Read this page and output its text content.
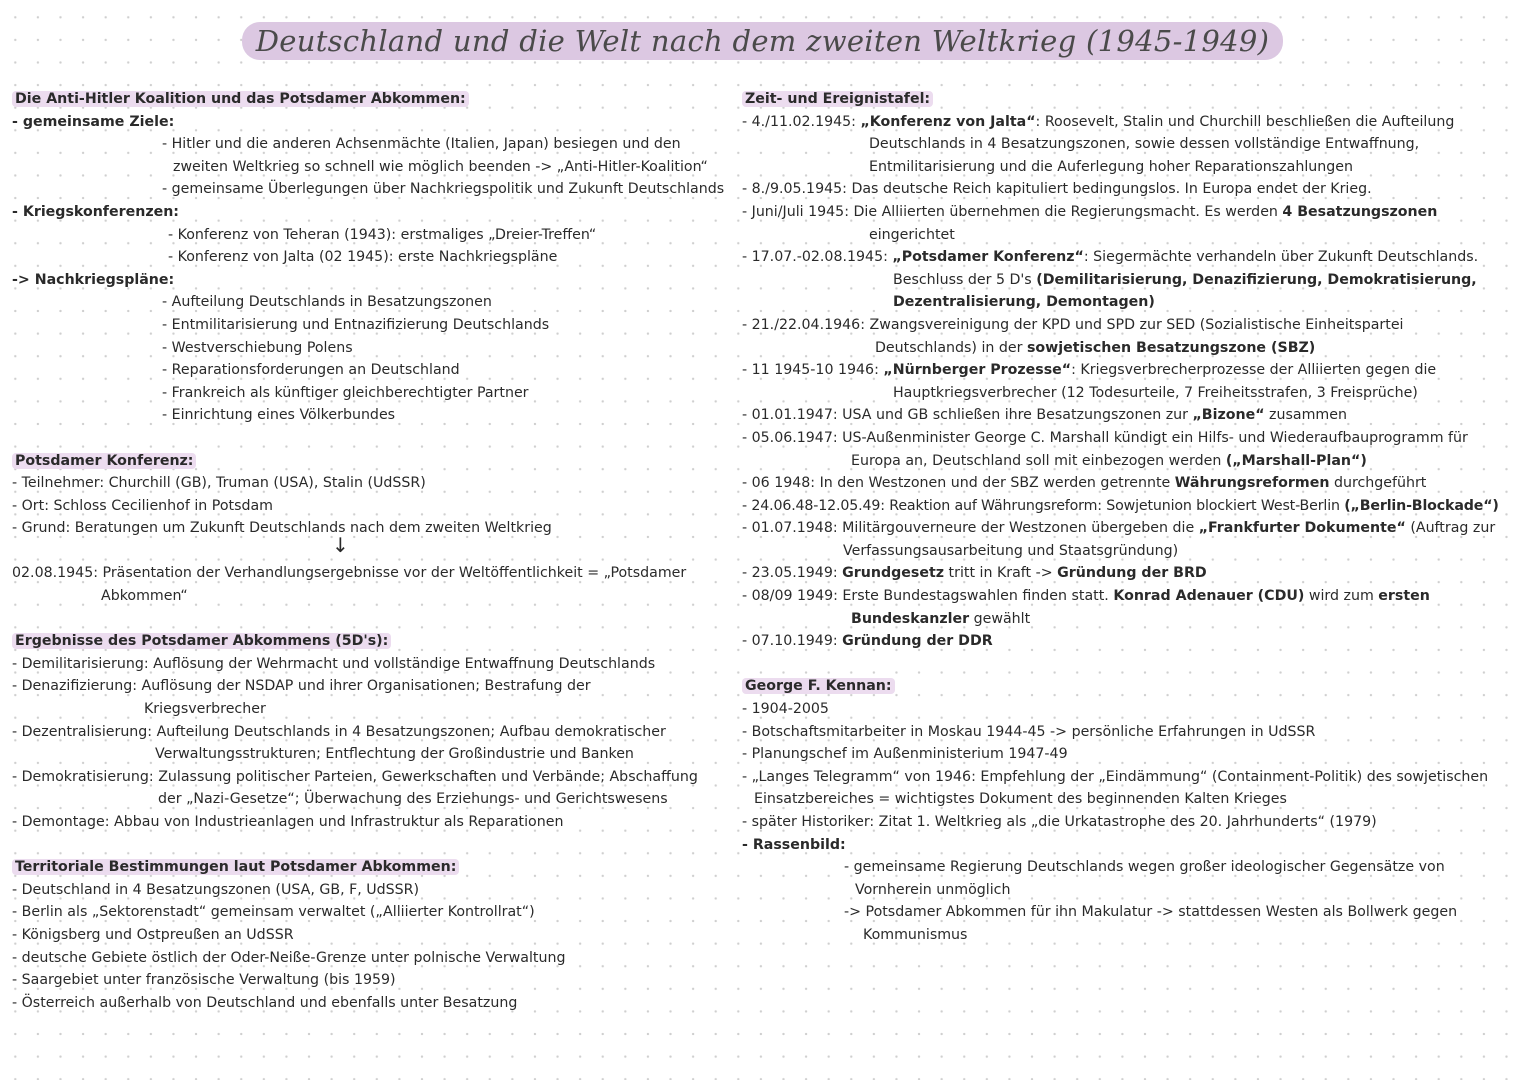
Deutschland und die Welt nach dem zweiten Weltkrieg (1945-1949)
Die Anti-Hitler Koalition und das Potsdamer Abkommen:
- gemeinsame Ziele:
- Hitler und die anderen Achsenmächte (Italien, Japan) besiegen und den
zweiten Weltkrieg so schnell wie möglich beenden -> „Anti-Hitler-Koalition“
- gemeinsame Überlegungen über Nachkriegspolitik und Zukunft Deutschlands
- Kriegskonferenzen:
- Konferenz von Teheran (1943): erstmaliges „Dreier-Treffen“
- Konferenz von Jalta (02 1945): erste Nachkriegspläne
-> Nachkriegspläne:
- Aufteilung Deutschlands in Besatzungszonen
- Entmilitarisierung und Entnazifizierung Deutschlands
- Westverschiebung Polens
- Reparationsforderungen an Deutschland
- Frankreich als künftiger gleichberechtigter Partner
- Einrichtung eines Völkerbundes
Potsdamer Konferenz:
- Teilnehmer: Churchill (GB), Truman (USA), Stalin (UdSSR)
- Ort: Schloss Cecilienhof in Potsdam
- Grund: Beratungen um Zukunft Deutschlands nach dem zweiten Weltkrieg
↓
02.08.1945: Präsentation der Verhandlungsergebnisse vor der Weltöffentlichkeit = „Potsdamer
Abkommen“
Ergebnisse des Potsdamer Abkommens (5D's):
- Demilitarisierung: Auflösung der Wehrmacht und vollständige Entwaffnung Deutschlands
- Denazifizierung: Auflösung der NSDAP und ihrer Organisationen; Bestrafung der
Kriegsverbrecher
- Dezentralisierung: Aufteilung Deutschlands in 4 Besatzungszonen; Aufbau demokratischer
Verwaltungsstrukturen; Entflechtung der Großindustrie und Banken
- Demokratisierung: Zulassung politischer Parteien, Gewerkschaften und Verbände; Abschaffung
der „Nazi-Gesetze“; Überwachung des Erziehungs- und Gerichtswesens
- Demontage: Abbau von Industrieanlagen und Infrastruktur als Reparationen
Territoriale Bestimmungen laut Potsdamer Abkommen:
- Deutschland in 4 Besatzungszonen (USA, GB, F, UdSSR)
- Berlin als „Sektorenstadt“ gemeinsam verwaltet („Alliierter Kontrollrat“)
- Königsberg und Ostpreußen an UdSSR
- deutsche Gebiete östlich der Oder-Neiße-Grenze unter polnische Verwaltung
- Saargebiet unter französische Verwaltung (bis 1959)
- Österreich außerhalb von Deutschland und ebenfalls unter Besatzung
Zeit- und Ereignistafel:
- 4./11.02.1945: „Konferenz von Jalta“: Roosevelt, Stalin und Churchill beschließen die Aufteilung
Deutschlands in 4 Besatzungszonen, sowie dessen vollständige Entwaffnung,
Entmilitarisierung und die Auferlegung hoher Reparationszahlungen
- 8./9.05.1945: Das deutsche Reich kapituliert bedingungslos. In Europa endet der Krieg.
- Juni/Juli 1945: Die Alliierten übernehmen die Regierungsmacht. Es werden 4 Besatzungszonen
eingerichtet
- 17.07.-02.08.1945: „Potsdamer Konferenz“: Siegermächte verhandeln über Zukunft Deutschlands.
Beschluss der 5 D's (Demilitarisierung, Denazifizierung, Demokratisierung,
Dezentralisierung, Demontagen)
- 21./22.04.1946: Zwangsvereinigung der KPD und SPD zur SED (Sozialistische Einheitspartei
Deutschlands) in der sowjetischen Besatzungszone (SBZ)
- 11 1945-10 1946: „Nürnberger Prozesse“: Kriegsverbrecherprozesse der Alliierten gegen die
Hauptkriegsverbrecher (12 Todesurteile, 7 Freiheitsstrafen, 3 Freisprüche)
- 01.01.1947: USA und GB schließen ihre Besatzungszonen zur „Bizone“ zusammen
- 05.06.1947: US-Außenminister George C. Marshall kündigt ein Hilfs- und Wiederaufbauprogramm für
Europa an, Deutschland soll mit einbezogen werden („Marshall-Plan“)
- 06 1948: In den Westzonen und der SBZ werden getrennte Währungsreformen durchgeführt
- 24.06.48-12.05.49: Reaktion auf Währungsreform: Sowjetunion blockiert West-Berlin („Berlin-Blockade“)
- 01.07.1948: Militärgouverneure der Westzonen übergeben die „Frankfurter Dokumente“ (Auftrag zur
Verfassungsausarbeitung und Staatsgründung)
- 23.05.1949: Grundgesetz tritt in Kraft -> Gründung der BRD
- 08/09 1949: Erste Bundestagswahlen finden statt. Konrad Adenauer (CDU) wird zum ersten
Bundeskanzler gewählt
- 07.10.1949: Gründung der DDR
George F. Kennan:
- 1904-2005
- Botschaftsmitarbeiter in Moskau 1944-45 -> persönliche Erfahrungen in UdSSR
- Planungschef im Außenministerium 1947-49
- „Langes Telegramm“ von 1946: Empfehlung der „Eindämmung“ (Containment-Politik) des sowjetischen
Einsatzbereiches = wichtigstes Dokument des beginnenden Kalten Krieges
- später Historiker: Zitat 1. Weltkrieg als „die Urkatastrophe des 20. Jahrhunderts“ (1979)
- Rassenbild:
- gemeinsame Regierung Deutschlands wegen großer ideologischer Gegensätze von
Vornherein unmöglich
-> Potsdamer Abkommen für ihn Makulatur -> stattdessen Westen als Bollwerk gegen
Kommunismus
